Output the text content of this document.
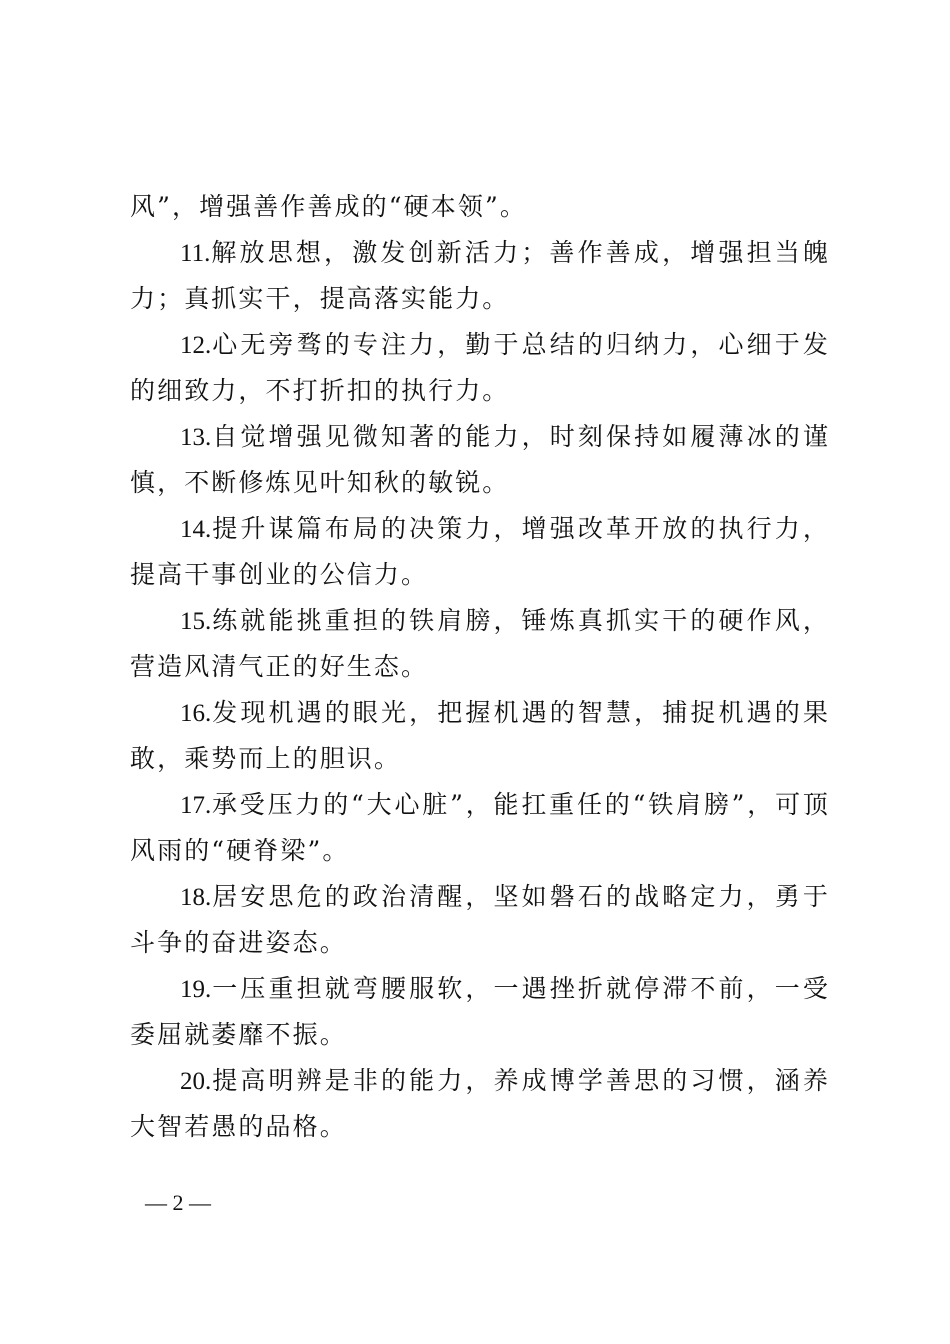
风”，增强善作善成的“硬本领”。

11.解放思想，激发创新活力；善作善成，增强担当魄力；真抓实干，提高落实能力。

12.心无旁骛的专注力，勤于总结的归纳力，心细于发的细致力，不打折扣的执行力。

13.自觉增强见微知著的能力，时刻保持如履薄冰的谨慎，不断修炼见叶知秋的敏锐。

14.提升谋篇布局的决策力，增强改革开放的执行力，提高干事创业的公信力。

15.练就能挑重担的铁肩膀，锤炼真抓实干的硬作风，营造风清气正的好生态。

16.发现机遇的眼光，把握机遇的智慧，捕捉机遇的果敢，乘势而上的胆识。

17.承受压力的“大心脏”，能扛重任的“铁肩膀”，可顶风雨的“硬脊梁”。

18.居安思危的政治清醒，坚如磐石的战略定力，勇于斗争的奋进姿态。

19.一压重担就弯腰服软，一遇挫折就停滞不前，一受委屈就萎靡不振。

20.提高明辨是非的能力，养成博学善思的习惯，涵养大智若愚的品格。

— 2 —
